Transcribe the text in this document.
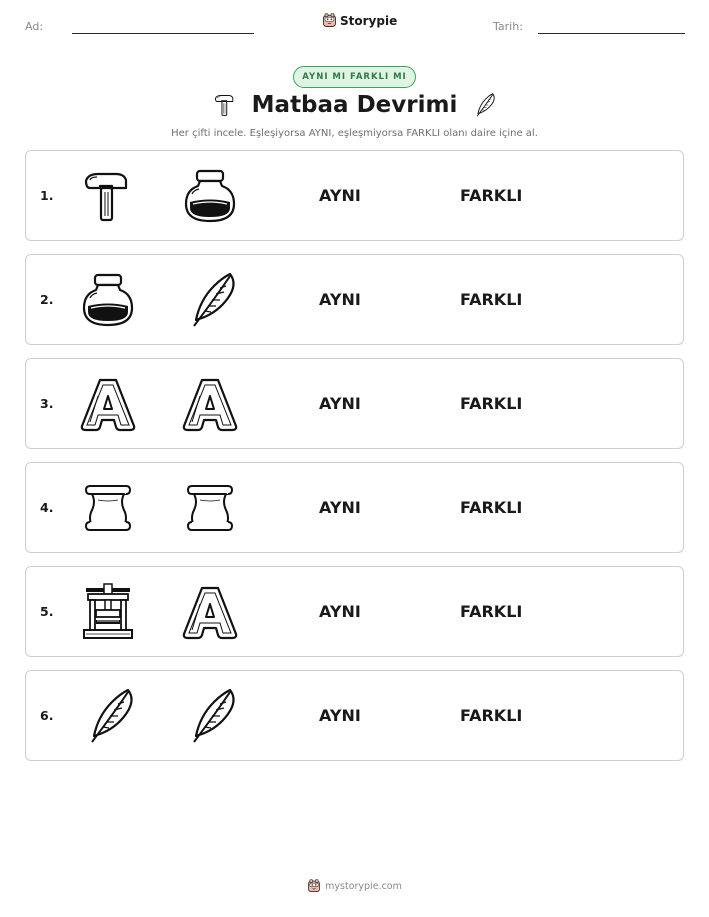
Ad:	Storypie	Tarih:
AYNI MI FARKLI MI
Matbaa Devrimi
Her çifti incele. Eşleşiyorsa AYNI, eşleşmiyorsa FARKLI olanı daire içine al.
1.	AYNI	FARKLI
2.	AYNI	FARKLI
3.	AYNI	FARKLI
4.	AYNI	FARKLI
5.	AYNI	FARKLI
6.	AYNI	FARKLI
mystorypie.com
